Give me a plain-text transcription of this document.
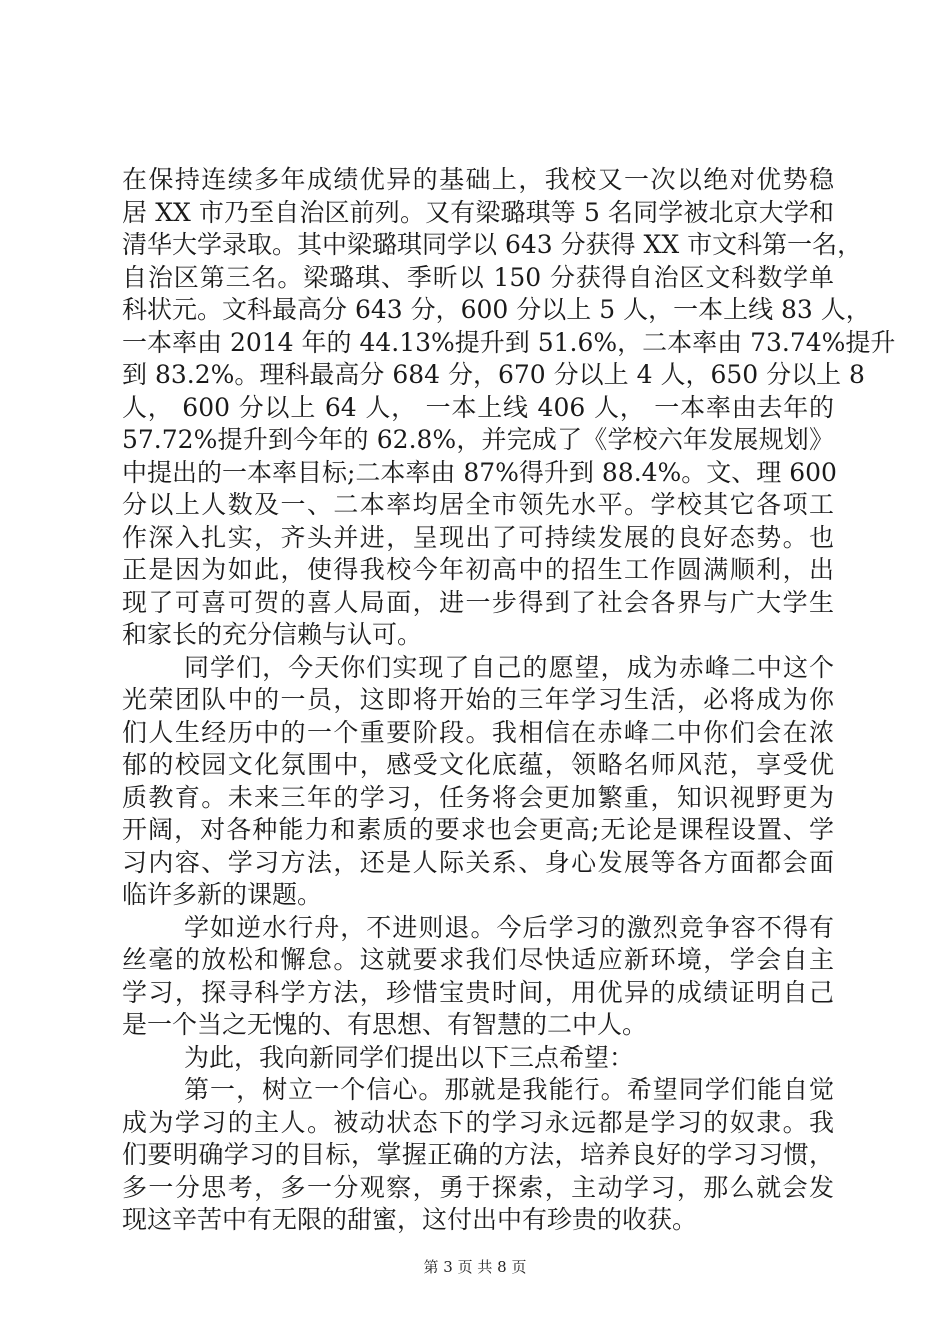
在保持连续多年成绩优异的基础上，我校又一次以绝对优势稳
居 XX 市乃至自治区前列。又有梁璐琪等 5 名同学被北京大学和
清华大学录取。其中梁璐琪同学以 643 分获得 XX 市文科第一名，
自治区第三名。梁璐琪、季昕以 150 分获得自治区文科数学单
科状元。文科最高分 643 分，600 分以上 5 人，一本上线 83 人，
一本率由 2014 年的 44.13%提升到 51.6%，二本率由 73.74%提升
到 83.2%。理科最高分 684 分，670 分以上 4 人，650 分以上 8
人， 600 分以上 64 人， 一本上线 406 人， 一本率由去年的
57.72%提升到今年的 62.8%，并完成了《学校六年发展规划》
中提出的一本率目标;二本率由 87%得升到 88.4%。文、理 600
分以上人数及一、二本率均居全市领先水平。学校其它各项工
作深入扎实，齐头并进，呈现出了可持续发展的良好态势。也
正是因为如此，使得我校今年初高中的招生工作圆满顺利，出
现了可喜可贺的喜人局面，进一步得到了社会各界与广大学生
和家长的充分信赖与认可。
同学们，今天你们实现了自己的愿望，成为赤峰二中这个
光荣团队中的一员，这即将开始的三年学习生活，必将成为你
们人生经历中的一个重要阶段。我相信在赤峰二中你们会在浓
郁的校园文化氛围中，感受文化底蕴，领略名师风范，享受优
质教育。未来三年的学习，任务将会更加繁重，知识视野更为
开阔，对各种能力和素质的要求也会更高;无论是课程设置、学
习内容、学习方法，还是人际关系、身心发展等各方面都会面
临许多新的课题。
学如逆水行舟，不进则退。今后学习的激烈竞争容不得有
丝毫的放松和懈怠。这就要求我们尽快适应新环境，学会自主
学习，探寻科学方法，珍惜宝贵时间，用优异的成绩证明自己
是一个当之无愧的、有思想、有智慧的二中人。
为此，我向新同学们提出以下三点希望：
第一，树立一个信心。那就是我能行。希望同学们能自觉
成为学习的主人。被动状态下的学习永远都是学习的奴隶。我
们要明确学习的目标，掌握正确的方法，培养良好的学习习惯，
多一分思考，多一分观察，勇于探索，主动学习，那么就会发
现这辛苦中有无限的甜蜜，这付出中有珍贵的收获。
第 3 页 共 8 页
